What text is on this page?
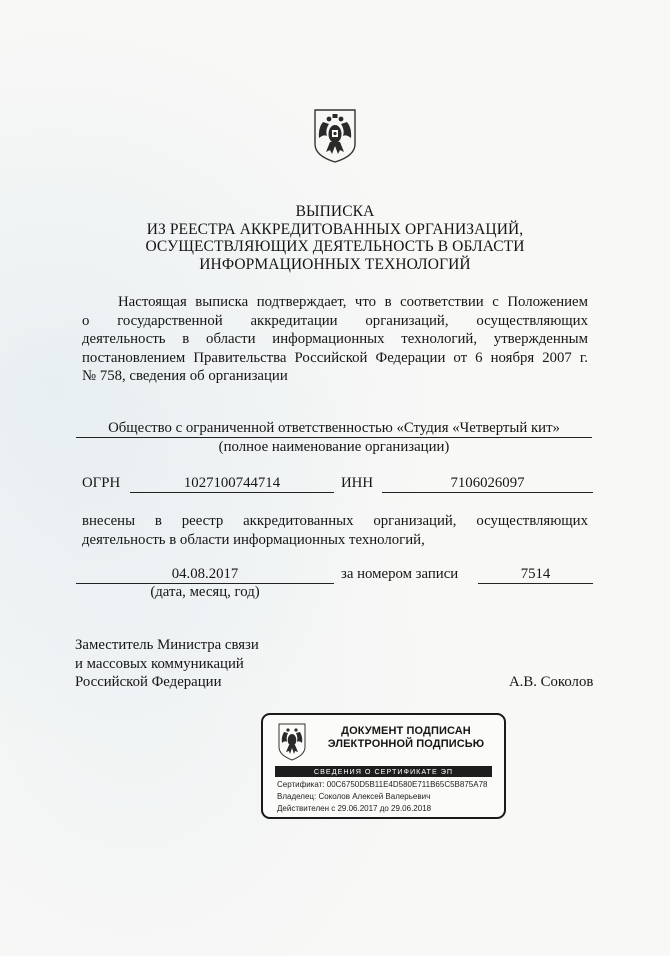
ВЫПИСКА
ИЗ РЕЕСТРА АККРЕДИТОВАННЫХ ОРГАНИЗАЦИЙ,
ОСУЩЕСТВЛЯЮЩИХ ДЕЯТЕЛЬНОСТЬ В ОБЛАСТИ
ИНФОРМАЦИОННЫХ ТЕХНОЛОГИЙ
Настоящая выписка подтверждает, что в соответствии с Положением
о государственной аккредитации организаций, осуществляющих
деятельность в области информационных технологий, утвержденным
постановлением Правительства Российской Федерации от 6 ноября 2007 г.
№ 758, сведения об организации
Общество с ограниченной ответственностью «Студия «Четвертый кит»
(полное наименование организации)
ОГРН	1027100744714	ИНН	7106026097
внесены в реестр аккредитованных организаций, осуществляющих
деятельность в области информационных технологий,
04.08.2017	за номером записи	7514
(дата, месяц, год)
Заместитель Министра связи
и массовых коммуникаций
Российской Федерации	А.В. Соколов
ДОКУМЕНТ ПОДПИСАН
ЭЛЕКТРОННОЙ ПОДПИСЬЮ
СВЕДЕНИЯ О СЕРТИФИКАТЕ ЭП
Сертификат: 00C6750D5B11E4D580E711B65C5B875A78
Владелец: Соколов Алексей Валерьевич
Действителен с 29.06.2017 до 29.06.2018
